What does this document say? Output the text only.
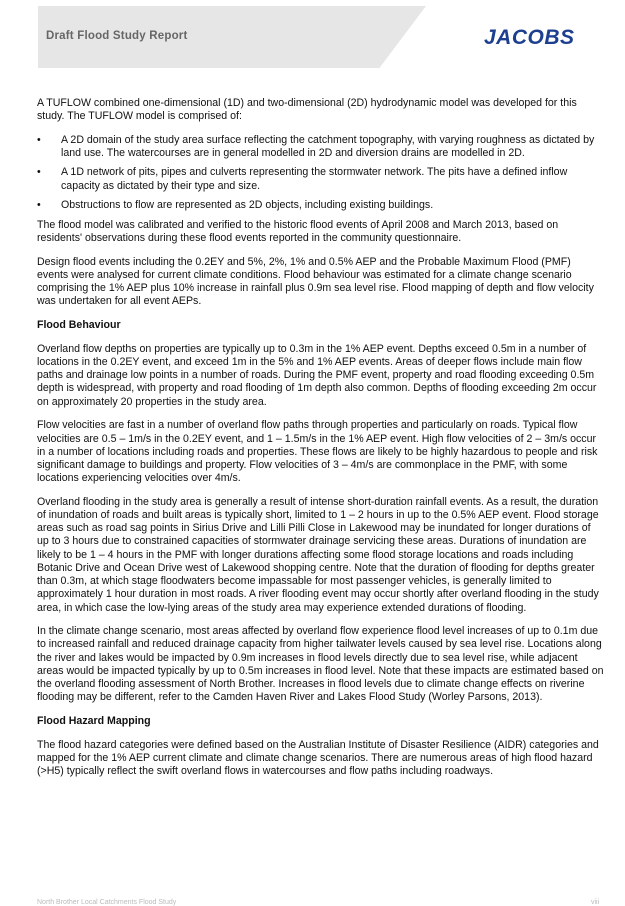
Draft Flood Study Report	JACOBS

A TUFLOW combined one-dimensional (1D) and two-dimensional (2D) hydrodynamic model was developed for this study. The TUFLOW model is comprised of:

• A 2D domain of the study area surface reflecting the catchment topography, with varying roughness as dictated by land use. The watercourses are in general modelled in 2D and diversion drains are modelled in 2D.
• A 1D network of pits, pipes and culverts representing the stormwater network. The pits have a defined inflow capacity as dictated by their type and size.
• Obstructions to flow are represented as 2D objects, including existing buildings.

The flood model was calibrated and verified to the historic flood events of April 2008 and March 2013, based on residents' observations during these flood events reported in the community questionnaire.

Design flood events including the 0.2EY and 5%, 2%, 1% and 0.5% AEP and the Probable Maximum Flood (PMF) events were analysed for current climate conditions. Flood behaviour was estimated for a climate change scenario comprising the 1% AEP plus 10% increase in rainfall plus 0.9m sea level rise. Flood mapping of depth and flow velocity was undertaken for all event AEPs.

Flood Behaviour

Overland flow depths on properties are typically up to 0.3m in the 1% AEP event. Depths exceed 0.5m in a number of locations in the 0.2EY event, and exceed 1m in the 5% and 1% AEP events. Areas of deeper flows include main flow paths and drainage low points in a number of roads. During the PMF event, property and road flooding exceeding 0.5m depth is widespread, with property and road flooding of 1m depth also common. Depths of flooding exceeding 2m occur on approximately 20 properties in the study area.

Flow velocities are fast in a number of overland flow paths through properties and particularly on roads. Typical flow velocities are 0.5 – 1m/s in the 0.2EY event, and 1 – 1.5m/s in the 1% AEP event. High flow velocities of 2 – 3m/s occur in a number of locations including roads and properties. These flows are likely to be highly hazardous to people and risk significant damage to buildings and property. Flow velocities of 3 – 4m/s are commonplace in the PMF, with some locations experiencing velocities over 4m/s.

Overland flooding in the study area is generally a result of intense short-duration rainfall events. As a result, the duration of inundation of roads and built areas is typically short, limited to 1 – 2 hours in up to the 0.5% AEP event. Flood storage areas such as road sag points in Sirius Drive and Lilli Pilli Close in Lakewood may be inundated for longer durations of up to 3 hours due to constrained capacities of stormwater drainage servicing these areas. Durations of inundation are likely to be 1 – 4 hours in the PMF with longer durations affecting some flood storage locations and roads including Botanic Drive and Ocean Drive west of Lakewood shopping centre. Note that the duration of flooding for depths greater than 0.3m, at which stage floodwaters become impassable for most passenger vehicles, is generally limited to approximately 1 hour duration in most roads. A river flooding event may occur shortly after overland flooding in the study area, in which case the low-lying areas of the study area may experience extended durations of flooding.

In the climate change scenario, most areas affected by overland flow experience flood level increases of up to 0.1m due to increased rainfall and reduced drainage capacity from higher tailwater levels caused by sea level rise. Locations along the river and lakes would be impacted by 0.9m increases in flood levels directly due to sea level rise, while adjacent areas would be impacted typically by up to 0.5m increases in flood level. Note that these impacts are estimated based on the overland flooding assessment of North Brother. Increases in flood levels due to climate change effects on riverine flooding may be different, refer to the Camden Haven River and Lakes Flood Study (Worley Parsons, 2013).

Flood Hazard Mapping

The flood hazard categories were defined based on the Australian Institute of Disaster Resilience (AIDR) categories and mapped for the 1% AEP current climate and climate change scenarios. There are numerous areas of high flood hazard (>H5) typically reflect the swift overland flows in watercourses and flow paths including roadways.

North Brother Local Catchments Flood Study	viii
